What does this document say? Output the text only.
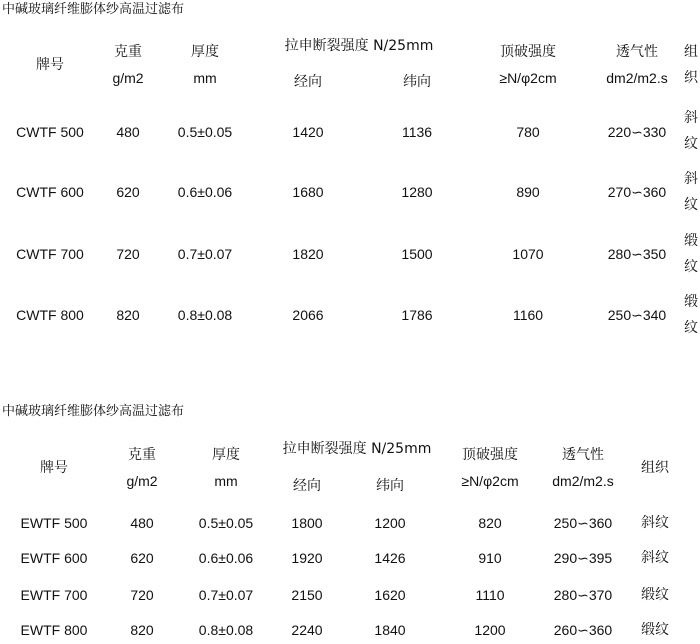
中碱玻璃纤维膨体纱高温过滤布
牌号
克重
g/m2
厚度
mm
拉申断裂强度 N/25mm
经向	纬向
顶破强度
≥N/φ2cm
透气性
dm2/m2.s
组
织
CWTF 500 480	0.5±0.05	1420	1136	780	220∽330
斜
纹
CWTF 600 620	0.6±0.06	1680	1280	890	270∽360
斜
纹
CWTF 700 720	0.7±0.07	1820	1500	1070	280∽350
缎
纹
CWTF 800 820	0.8±0.08	2066	1786	1160	250∽340
缎
纹
中碱玻璃纤维膨体纱高温过滤布
牌号
克重
g/m2
厚度
mm
拉申断裂强度 N/25mm
经向	纬向
顶破强度
≥N/φ2cm
透气性
dm2/m2.s
组织
EWTF 500	480	0.5±0.05	1800	1200	820	250∽360 斜纹
EWTF 600	620	0.6±0.06	1920	1426	910	290∽395 斜纹
EWTF 700	720	0.7±0.07	2150	1620	1110	280∽370 缎纹
EWTF 800	820	0.8±0.08	2240	1840	1200	260∽360 缎纹
